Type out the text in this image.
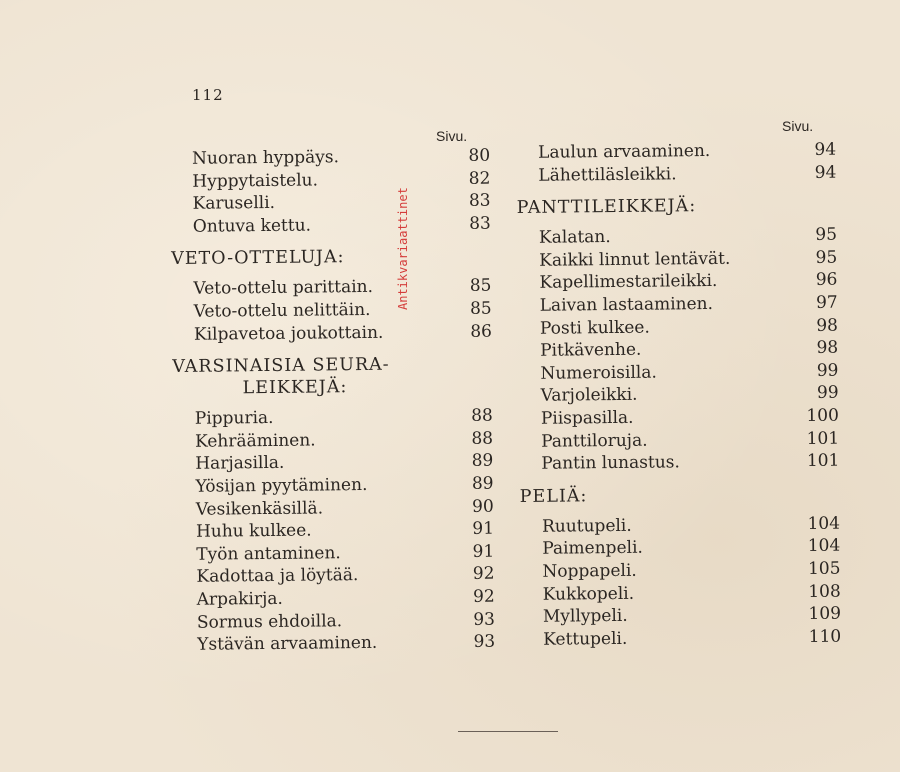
112
Sivu.
Sivu.
Nuoran hyppäys.	80
Hyppytaistelu.	82
Karuselli.	83
Ontuva kettu.	83
VETO-OTTELUJA:
Veto-ottelu parittain.	85
Veto-ottelu nelittäin.	85
Kilpavetoa joukottain.	86
VARSINAISIA SEURA-
LEIKKEJÄ:
Pippuria.	88
Kehrääminen.	88
Harjasilla.	89
Yösijan pyytäminen.	89
Vesikenkäsillä.	90
Huhu kulkee.	91
Työn antaminen.	91
Kadottaa ja löytää.	92
Arpakirja.	92
Sormus ehdoilla.	93
Ystävän arvaaminen.	93
Laulun arvaaminen.	94
Lähettiläsleikki.	94
PANTTILEIKKEJÄ:
Kalatan.	95
Kaikki linnut lentävät.	95
Kapellimestarileikki.	96
Laivan lastaaminen.	97
Posti kulkee.	98
Pitkävenhe.	98
Numeroisilla.	99
Varjoleikki.	99
Piispasilla.	100
Panttiloruja.	101
Pantin lunastus.	101
PELIÄ:
Ruutupeli.	104
Paimenpeli.	104
Noppapeli.	105
Kukkopeli.	108
Myllypeli.	109
Kettupeli.	110
Antikvariaattinet
